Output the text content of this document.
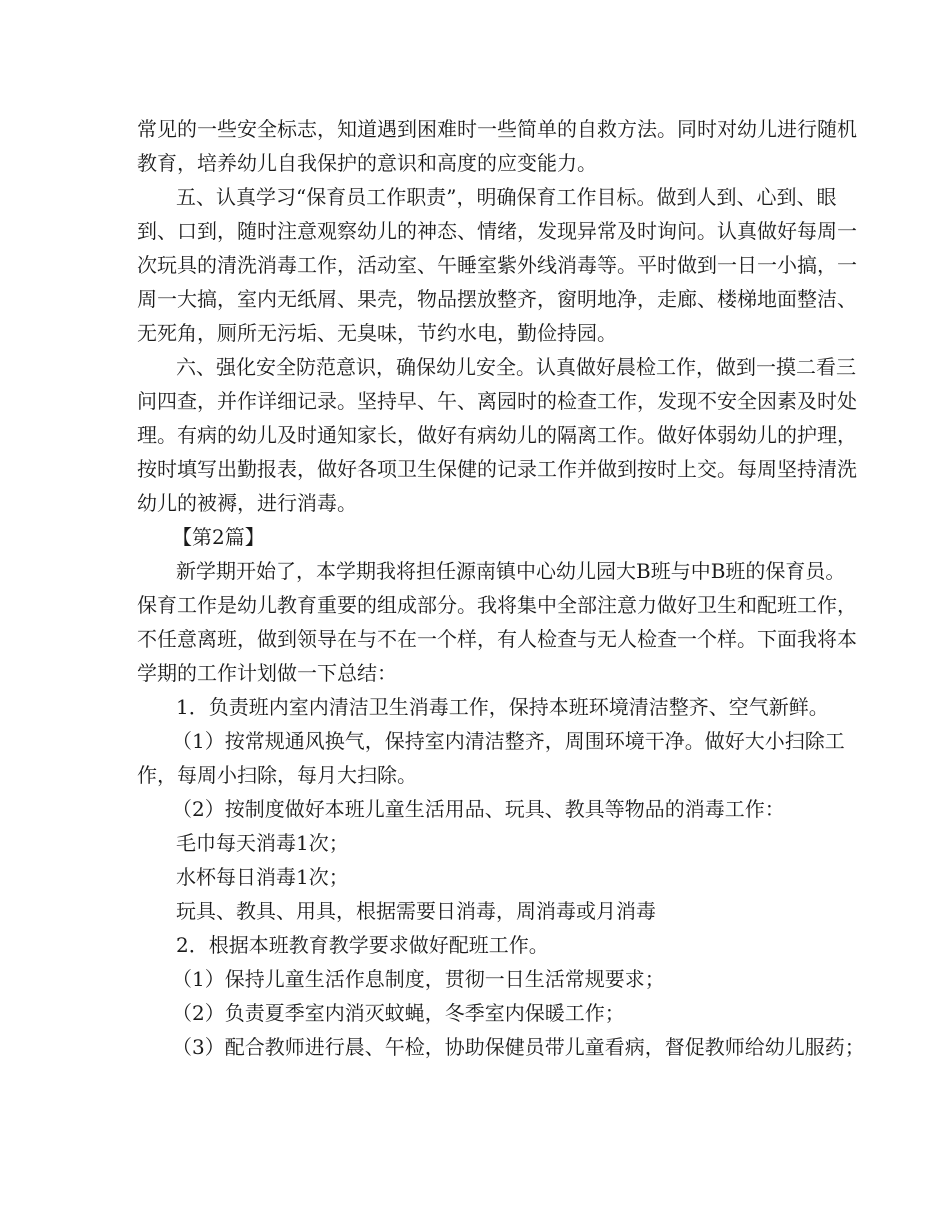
常见的一些安全标志，知道遇到困难时一些简单的自救方法。同时对幼儿进行随机
教育，培养幼儿自我保护的意识和高度的应变能力。
五、认真学习“保育员工作职责”，明确保育工作目标。做到人到、心到、眼
到、口到，随时注意观察幼儿的神态、情绪，发现异常及时询问。认真做好每周一
次玩具的清洗消毒工作，活动室、午睡室紫外线消毒等。平时做到一日一小搞，一
周一大搞，室内无纸屑、果壳，物品摆放整齐，窗明地净，走廊、楼梯地面整洁、
无死角，厕所无污垢、无臭味，节约水电，勤俭持园。
六、强化安全防范意识，确保幼儿安全。认真做好晨检工作，做到一摸二看三
问四查，并作详细记录。坚持早、午、离园时的检查工作，发现不安全因素及时处
理。有病的幼儿及时通知家长，做好有病幼儿的隔离工作。做好体弱幼儿的护理，
按时填写出勤报表，做好各项卫生保健的记录工作并做到按时上交。每周坚持清洗
幼儿的被褥，进行消毒。
【第2篇】
新学期开始了，本学期我将担任源南镇中心幼儿园大B班与中B班的保育员。
保育工作是幼儿教育重要的组成部分。我将集中全部注意力做好卫生和配班工作，
不任意离班，做到领导在与不在一个样，有人检查与无人检查一个样。下面我将本
学期的工作计划做一下总结：
1．负责班内室内清洁卫生消毒工作，保持本班环境清洁整齐、空气新鲜。
（1）按常规通风换气，保持室内清洁整齐，周围环境干净。做好大小扫除工
作，每周小扫除，每月大扫除。
（2）按制度做好本班儿童生活用品、玩具、教具等物品的消毒工作：
毛巾每天消毒1次；
水杯每日消毒1次；
玩具、教具、用具，根据需要日消毒，周消毒或月消毒
2．根据本班教育教学要求做好配班工作。
（1）保持儿童生活作息制度，贯彻一日生活常规要求；
（2）负责夏季室内消灭蚊蝇，冬季室内保暖工作；
（3）配合教师进行晨、午检，协助保健员带儿童看病，督促教师给幼儿服药；
